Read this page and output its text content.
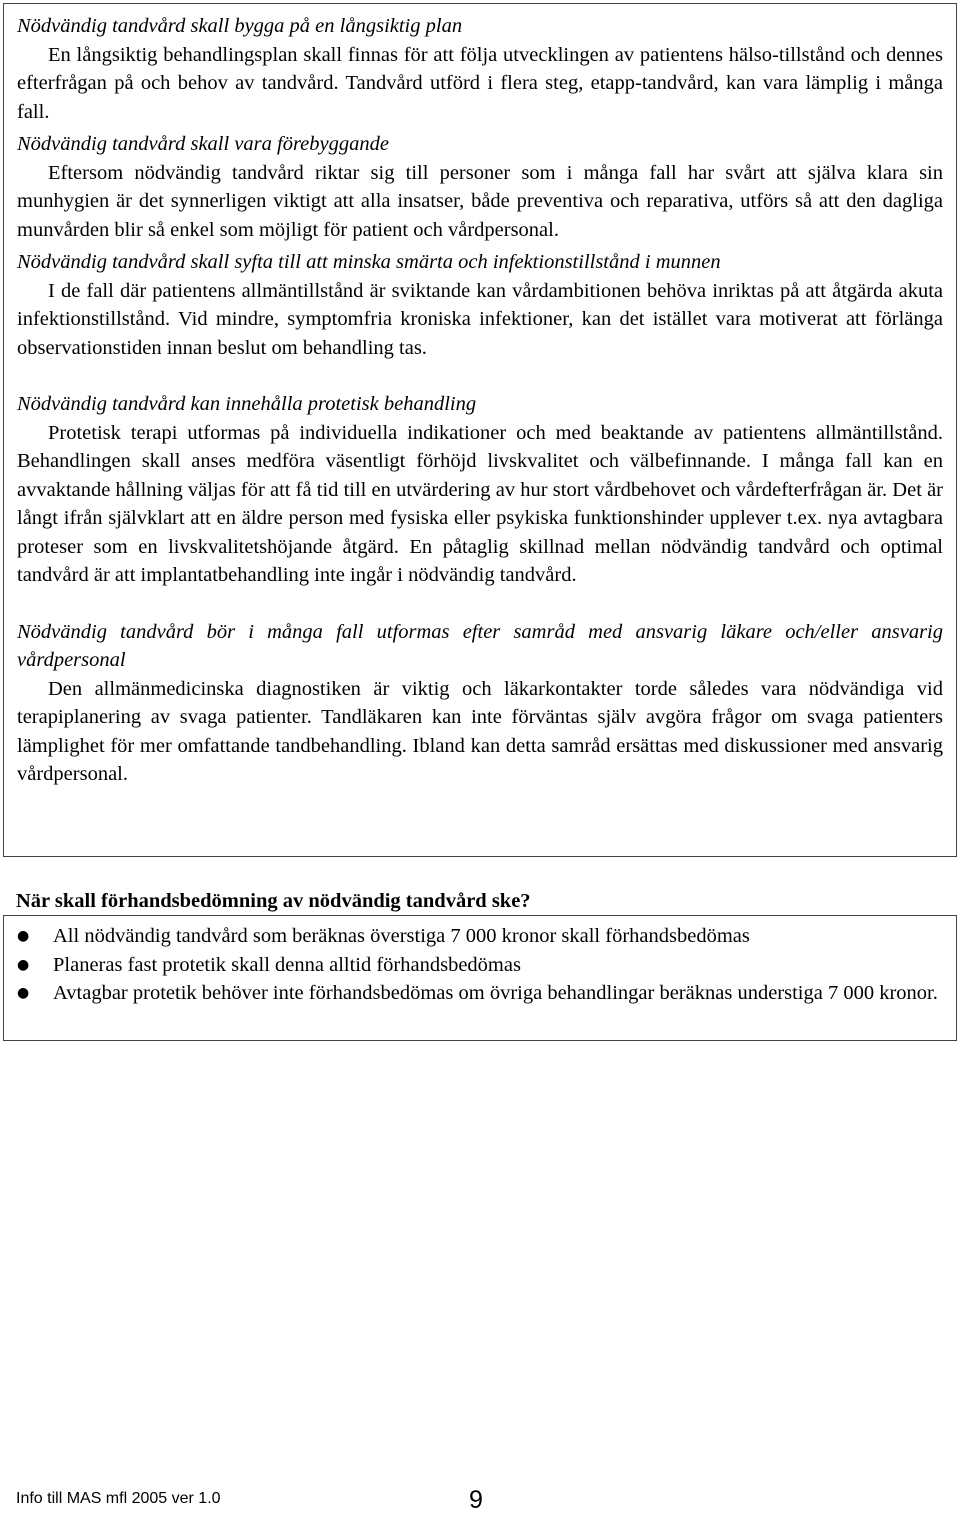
Nödvändig tandvård skall bygga på en långsiktig plan
En långsiktig behandlingsplan skall finnas för att följa utvecklingen av patientens hälso-tillstånd och dennes efterfrågan på och behov av tandvård. Tandvård utförd i flera steg, etapp-tandvård, kan vara lämplig i många fall.
Nödvändig tandvård skall vara förebyggande
Eftersom nödvändig tandvård riktar sig till personer som i många fall har svårt att själva klara sin munhygien är det synnerligen viktigt att alla insatser, både preventiva och reparativa, utförs så att den dagliga munvården blir så enkel som möjligt för patient och vårdpersonal.
Nödvändig tandvård skall syfta till att minska smärta och infektionstillstånd i munnen
I de fall där patientens allmäntillstånd är sviktande kan vårdambitionen behöva inriktas på att åtgärda akuta infektionstillstånd. Vid mindre, symptomfria kroniska infektioner, kan det istället vara motiverat att förlänga observationstiden innan beslut om behandling tas.
Nödvändig tandvård kan innehålla protetisk behandling
Protetisk terapi utformas på individuella indikationer och med beaktande av patientens allmäntillstånd. Behandlingen skall anses medföra väsentligt förhöjd livskvalitet och välbefinnande. I många fall kan en avvaktande hållning väljas för att få tid till en utvärdering av hur stort vårdbehovet och vårdefterfrågan är. Det är långt ifrån självklart att en äldre person med fysiska eller psykiska funktionshinder upplever t.ex. nya avtagbara proteser som en livskvalitetshöjande åtgärd. En påtaglig skillnad mellan nödvändig tandvård och optimal tandvård är att implantatbehandling inte ingår i nödvändig tandvård.
Nödvändig tandvård bör i många fall utformas efter samråd med ansvarig läkare och/eller ansvarig vårdpersonal
Den allmänmedicinska diagnostiken är viktig och läkarkontakter torde således vara nödvändiga vid terapiplanering av svaga patienter. Tandläkaren kan inte förväntas själv avgöra frågor om svaga patienters lämplighet för mer omfattande tandbehandling. Ibland kan detta samråd ersättas med diskussioner med ansvarig vårdpersonal.
När skall förhandsbedömning av nödvändig tandvård ske?
● All nödvändig tandvård som beräknas överstiga 7 000 kronor skall förhandsbedömas
● Planeras fast protetik skall denna alltid förhandsbedömas
● Avtagbar protetik behöver inte förhandsbedömas om övriga behandlingar beräknas understiga 7 000 kronor.
Info till MAS mfl 2005 ver 1.0	9
